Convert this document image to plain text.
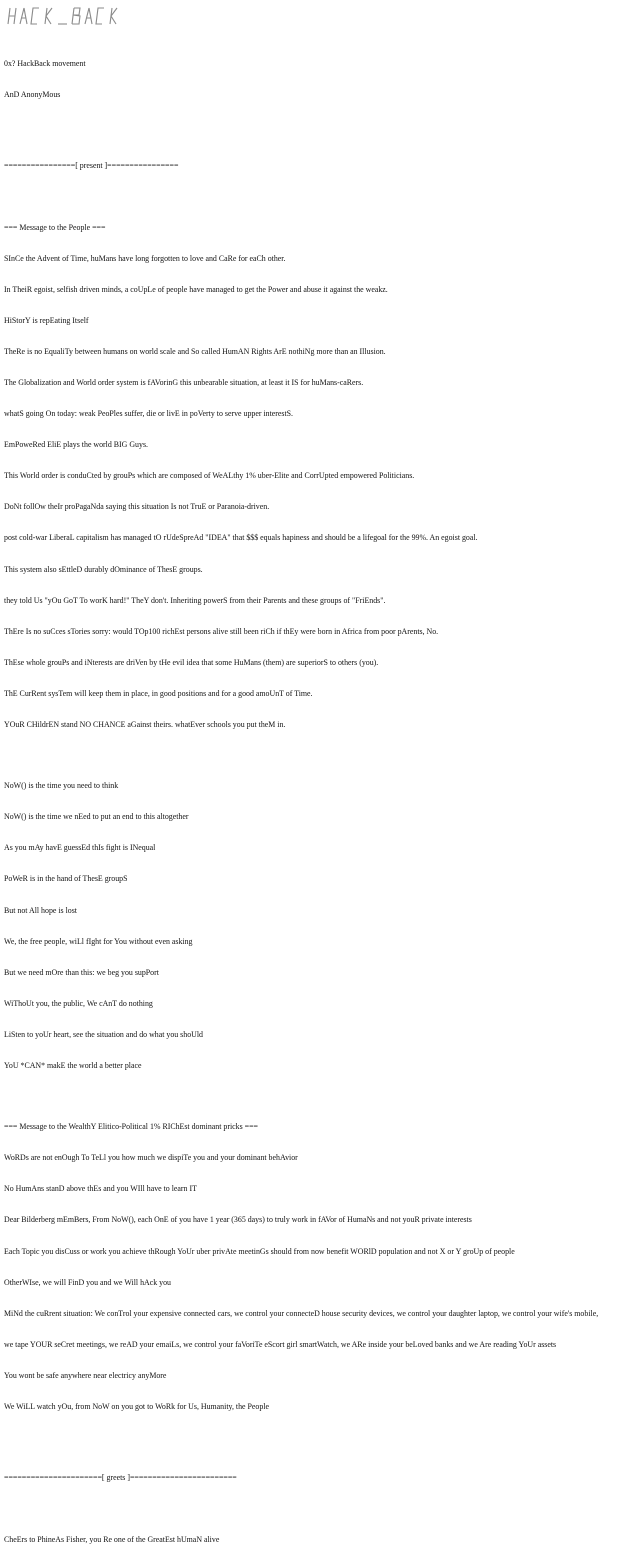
0x? HackBack movement

AnD AnonyMous

================[ present ]================

=== Message to the People ===

SInCe the Advent of Time, huMans have long forgotten to love and CaRe for eaCh other.

In TheiR egoist, selfish driven minds, a coUpLe of people have managed to get the Power and abuse it against the weakz.

HiStorY is repEating Itself

TheRe is no EqualiTy between humans on world scale and So called HumAN Rights ArE nothiNg more than an Illusion.

The Globalization and World order system is fAVorinG this unbearable situation, at least it IS for huMans-caRers.

whatS going On today: weak PeoPles suffer, die or livE in poVerty to serve upper interestS.

EmPoweRed EliE plays the world BIG Guys.

This World order is conduCted by grouPs which are composed of WeALthy 1% uber-Elite and CorrUpted empowered Politicians.

DoNt follOw theIr proPagaNda saying this situation Is not TruE or Paranoia-driven.

post cold-war LiberaL capitalism has managed tO rUdeSpreAd "IDEA" that $$$ equals hapiness and should be a lifegoal for the 99%. An egoist goal.

This system also sEttleD durably dOminance of ThesE groups.

they told Us "yOu GoT To worK hard!" TheY don't. Inheriting powerS from their Parents and these groups of "FriEnds".

ThEre Is no suCces sTories sorry: would TOp100 richEst persons alive still been riCh if thEy were born in Africa from poor pArents, No.

ThEse whole grouPs and iNterests are driVen by tHe evil idea that some HuMans (them) are superiorS to others (you).

ThE CurRent sysTem will keep them in place, in good positions and for a good amoUnT of Time.

YOuR CHildrEN stand NO CHANCE aGainst theirs. whatEver schools you put theM in.

NoW() is the time you need to think

NoW() is the time we nEed to put an end to this altogether

As you mAy havE guessEd thIs fight is INequal

PoWeR is in the hand of ThesE groupS

But not All hope is lost

We, the free people, wiLl fIght for You without even asking

But we need mOre than this: we beg you supPort

WiThoUt you, the public, We cAnT do nothing

LiSten to yoUr heart, see the situation and do what you shoUld

YoU *CAN* makE the world a better place

=== Message to the WealthY Elitico-Political 1% RIChEst dominant pricks ===

WoRDs are not enOugh To TeLl you how much we dispiTe you and your dominant behAvior

No HumAns stanD above thEs and you WIll have to learn IT

Dear Bilderberg mEmBers, From NoW(), each OnE of you have 1 year (365 days) to truly work in fAVor of HumaNs and not youR private interests

Each Topic you disCuss or work you achieve thRough YoUr uber privAte meetinGs should from now benefit WORlD population and not X or Y groUp of people

OtherWIse, we will FinD you and we Will hAck you

MiNd the cuRrent situation: We conTrol your expensive connected cars, we control your connecteD house security devices, we control your daughter laptop, we control your wife's mobile,

we tape YOUR seCret meetings, we reAD your emaiLs, we control your faVoriTe eScort girl smartWatch, we ARe inside your beLoved banks and we Are reading YoUr assets

You wont be safe anywhere near electricy anyMore

We WiLL watch yOu, from NoW on you got to WoRk for Us, Humanity, the People

======================[ greets ]========================

CheErs to PhineAs Fisher, you Re one of the GreatEst hUmaN alive
